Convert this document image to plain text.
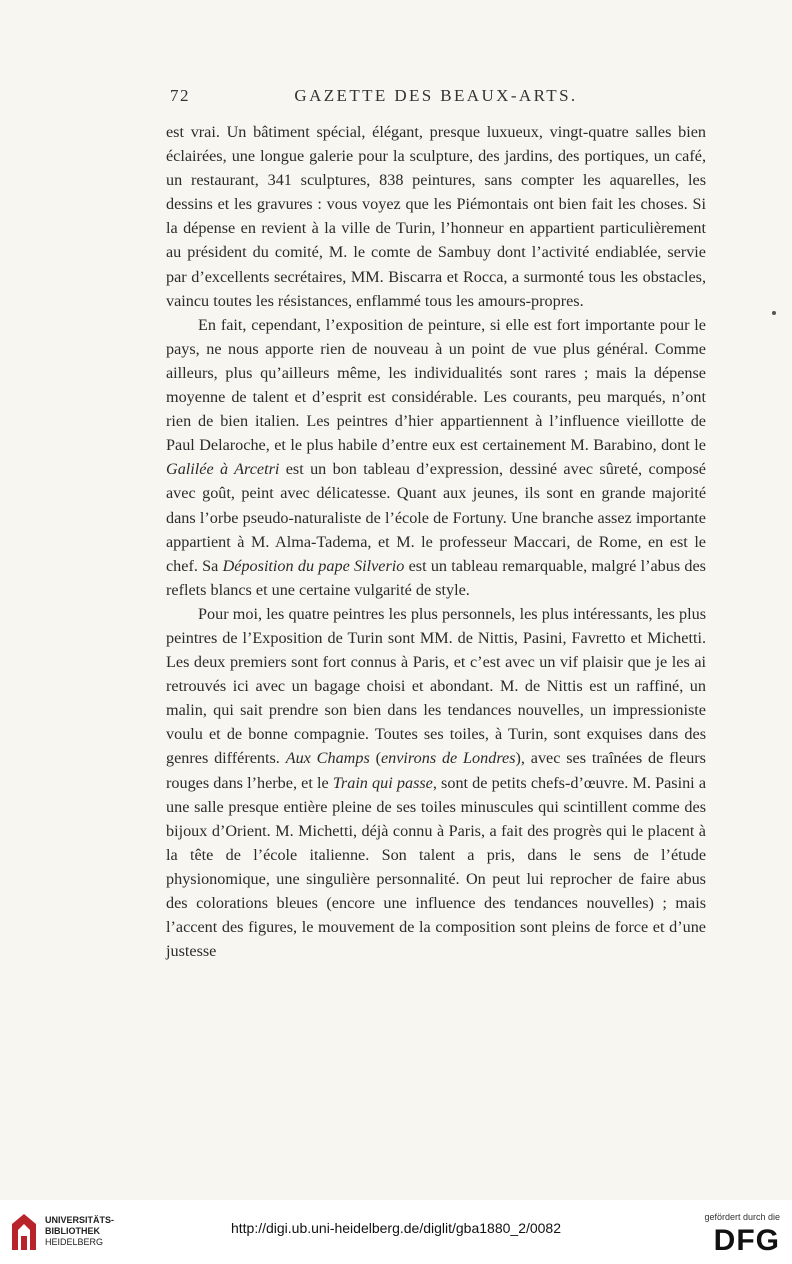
72	GAZETTE DES BEAUX-ARTS.

est vrai. Un bâtiment spécial, élégant, presque luxueux, vingt-quatre salles bien éclairées, une longue galerie pour la sculpture, des jardins, des portiques, un café, un restaurant, 341 sculptures, 838 peintures, sans compter les aquarelles, les dessins et les gravures : vous voyez que les Piémontais ont bien fait les choses. Si la dépense en revient à la ville de Turin, l’honneur en appartient particulièrement au président du comité, M. le comte de Sambuy dont l’activité endiablée, servie par d’excellents secrétaires, MM. Biscarra et Rocca, a surmonté tous les obstacles, vaincu toutes les résistances, enflammé tous les amours-propres.

En fait, cependant, l’exposition de peinture, si elle est fort importante pour le pays, ne nous apporte rien de nouveau à un point de vue plus général. Comme ailleurs, plus qu’ailleurs même, les individualités sont rares ; mais la dépense moyenne de talent et d’esprit est considérable. Les courants, peu marqués, n’ont rien de bien italien. Les peintres d’hier appartiennent à l’influence vieillotte de Paul Delaroche, et le plus habile d’entre eux est certainement M. Barabino, dont le Galilée à Arcetri est un bon tableau d’expression, dessiné avec sûreté, composé avec goût, peint avec délicatesse. Quant aux jeunes, ils sont en grande majorité dans l’orbe pseudo-naturaliste de l’école de Fortuny. Une branche assez importante appartient à M. Alma-Tadema, et M. le professeur Maccari, de Rome, en est le chef. Sa Déposition du pape Silverio est un tableau remarquable, malgré l’abus des reflets blancs et une certaine vulgarité de style.

Pour moi, les quatre peintres les plus personnels, les plus intéressants, les plus peintres de l’Exposition de Turin sont MM. de Nittis, Pasini, Favretto et Michetti. Les deux premiers sont fort connus à Paris, et c’est avec un vif plaisir que je les ai retrouvés ici avec un bagage choisi et abondant. M. de Nittis est un raffiné, un malin, qui sait prendre son bien dans les tendances nouvelles, un impressioniste voulu et de bonne compagnie. Toutes ses toiles, à Turin, sont exquises dans des genres différents. Aux Champs (environs de Londres), avec ses traînées de fleurs rouges dans l’herbe, et le Train qui passe, sont de petits chefs-d’œuvre. M. Pasini a une salle presque entière pleine de ses toiles minuscules qui scintillent comme des bijoux d’Orient. M. Michetti, déjà connu à Paris, a fait des progrès qui le placent à la tête de l’école italienne. Son talent a pris, dans le sens de l’étude physionomique, une singulière personnalité. On peut lui reprocher de faire abus des colorations bleues (encore une influence des tendances nouvelles) ; mais l’accent des figures, le mouvement de la composition sont pleins de force et d’une justesse

UNIVERSITÄTS-
BIBLIOTHEK
HEIDELBERG
http://digi.ub.uni-heidelberg.de/diglit/gba1880_2/0082
gefördert durch die
DFG
